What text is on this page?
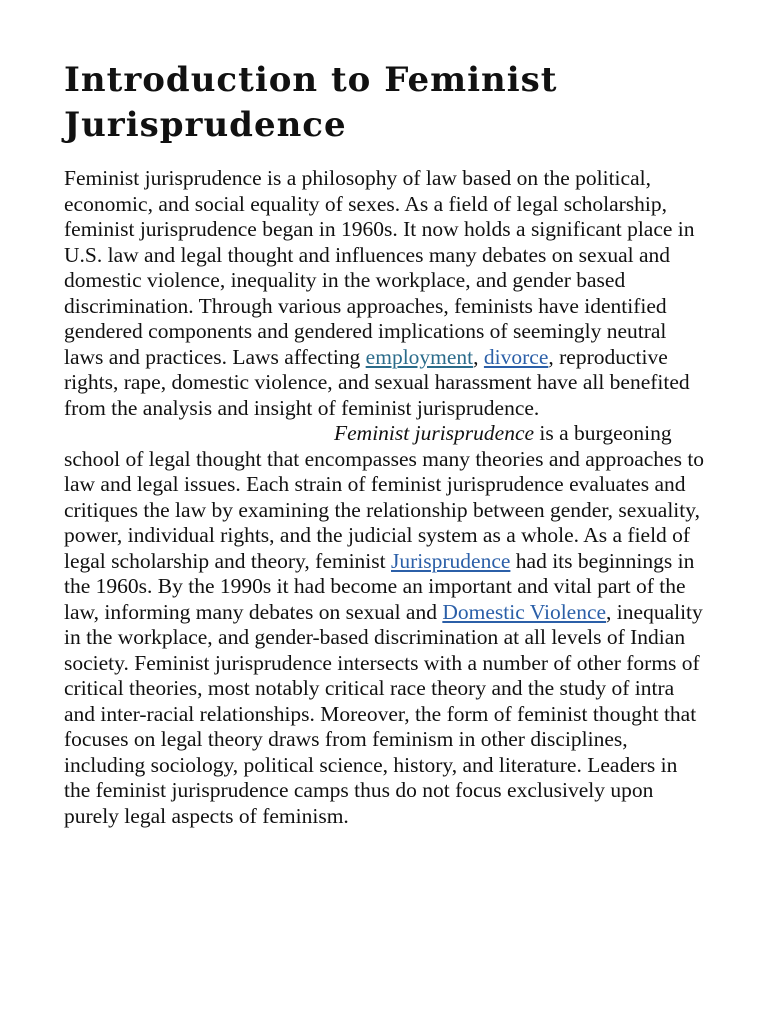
Introduction to Feminist Jurisprudence

Feminist jurisprudence is a philosophy of law based on the political, economic, and social equality of sexes. As a field of legal scholarship, feminist jurisprudence began in 1960s. It now holds a significant place in U.S. law and legal thought and influences many debates on sexual and domestic violence, inequality in the workplace, and gender based discrimination. Through various approaches, feminists have identified gendered components and gendered implications of seemingly neutral laws and practices. Laws affecting employment, divorce, reproductive rights, rape, domestic violence, and sexual harassment have all benefited from the analysis and insight of feminist jurisprudence.

Feminist jurisprudence is a burgeoning school of legal thought that encompasses many theories and approaches to law and legal issues. Each strain of feminist jurisprudence evaluates and critiques the law by examining the relationship between gender, sexuality, power, individual rights, and the judicial system as a whole. As a field of legal scholarship and theory, feminist Jurisprudence had its beginnings in the 1960s. By the 1990s it had become an important and vital part of the law, informing many debates on sexual and Domestic Violence, inequality in the workplace, and gender-based discrimination at all levels of Indian society. Feminist jurisprudence intersects with a number of other forms of critical theories, most notably critical race theory and the study of intra and inter-racial relationships. Moreover, the form of feminist thought that focuses on legal theory draws from feminism in other disciplines, including sociology, political science, history, and literature. Leaders in the feminist jurisprudence camps thus do not focus exclusively upon purely legal aspects of feminism.
